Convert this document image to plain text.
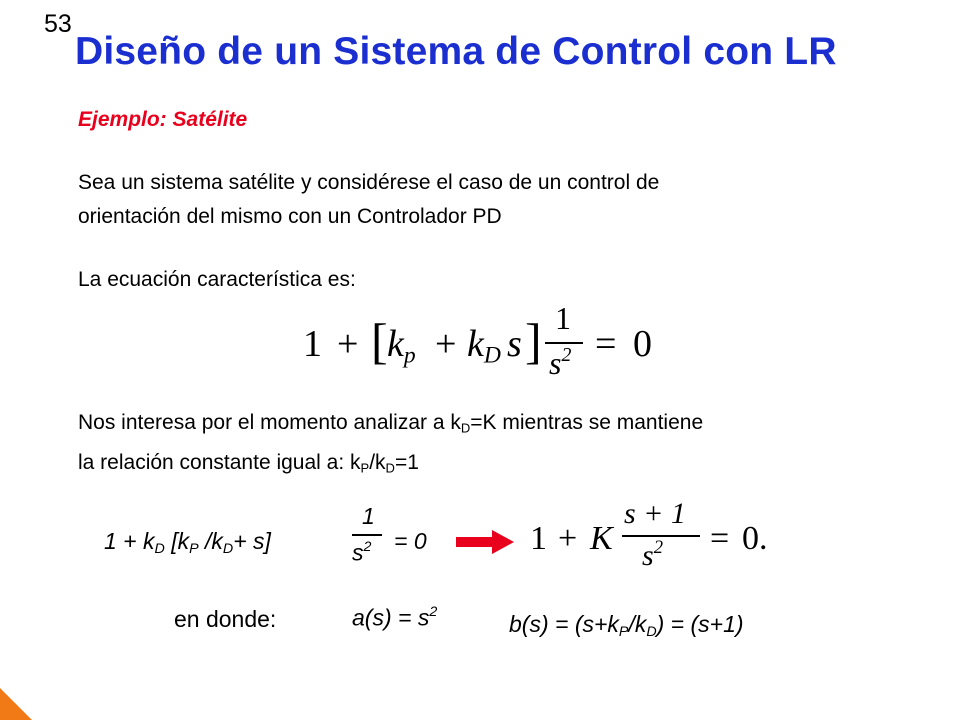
53
Diseño de un Sistema de Control con LR
Ejemplo: Satélite
Sea un sistema satélite y considérese el caso de un control de
orientación del mismo con un Controlador PD
La ecuación característica es:
1 + [ $k_p + k_D$ s ] 1
$s^2 = 0$
Nos interesa por el momento analizar a $k_D=K$ mientras se mantiene
la relación constante igual a: $k_P/k_D=1$
$1 + k_D$ [$k_P$ $/k_D+ s$]
1
$s^2 = 0$	1 + K
s + 1
$s^2 = 0$.
en donde:	$a(s) = s^2$	$b(s) = (s+k_P/k_D) = (s+1)$
